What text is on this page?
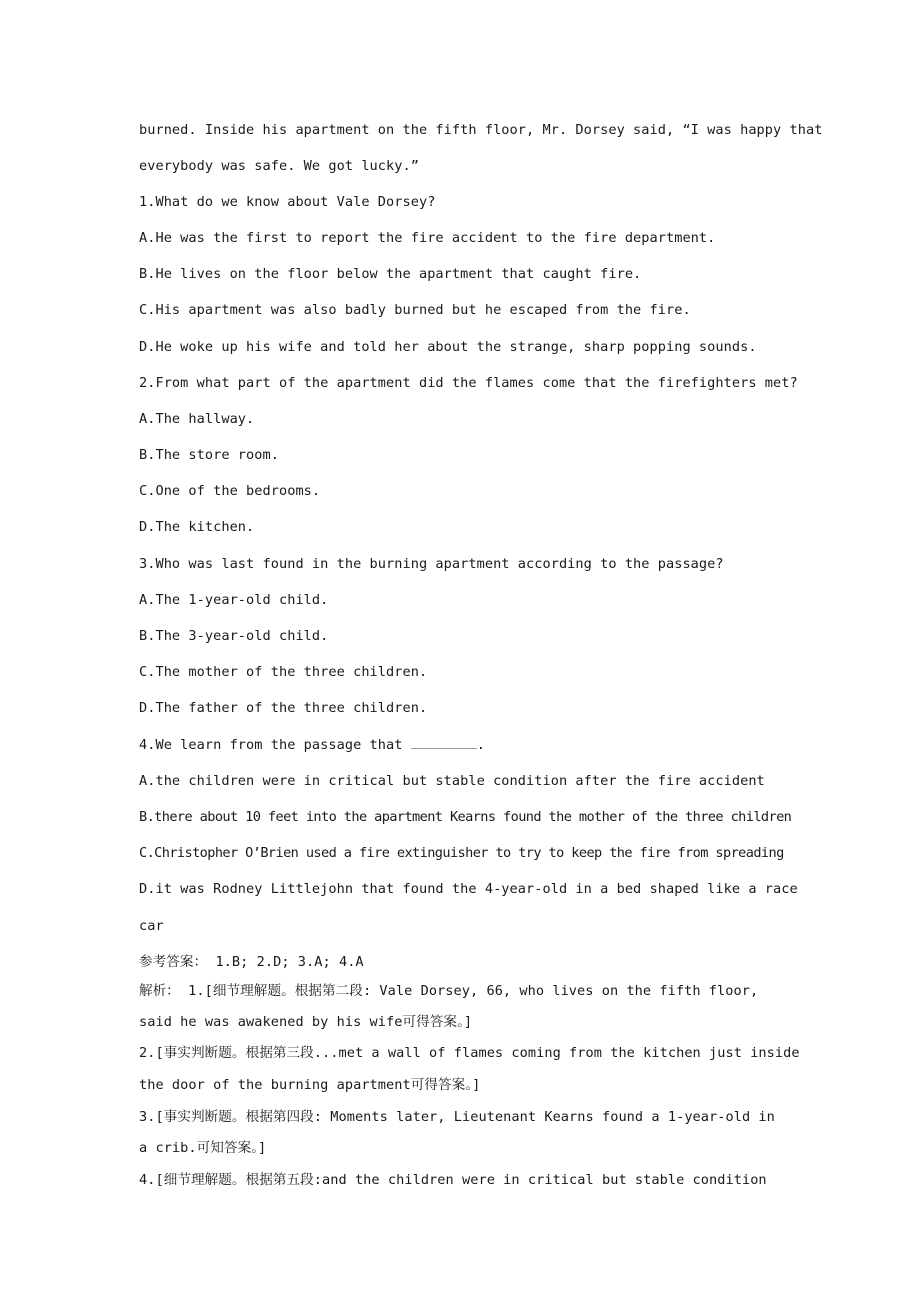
burned. Inside his apartment on the fifth floor, Mr. Dorsey said, “I was happy that
everybody was safe. We got lucky.”
1.What do we know about Vale Dorsey?
A.He was the first to report the fire accident to the fire department.
B.He lives on the floor below the apartment that caught fire.
C.His apartment was also badly burned but he escaped from the fire.
D.He woke up his wife and told her about the strange, sharp popping sounds.
2.From what part of the apartment did the flames come that the firefighters met?
A.The hallway.
B.The store room.
C.One of the bedrooms.
D.The kitchen.
3.Who was last found in the burning apartment according to the passage?
A.The 1-year-old child.
B.The 3-year-old child.
C.The mother of the three children.
D.The father of the three children.
4.We learn from the passage that	.
A.the children were in critical but stable condition after the fire accident
B.there about 10 feet into the apartment Kearns found the mother of the three children
C.Christopher O’Brien used a fire extinguisher to try to keep the fire from spreading
D.it was Rodney Littlejohn that found the 4-year-old in a bed shaped like a race
car
参考答案： 1.B; 2.D; 3.A; 4.A
解析： 1.[细节理解题。根据第二段: Vale Dorsey, 66, who lives on the fifth floor,
said he was awakened by his wife可得答案。]
2.[事实判断题。根据第三段...met a wall of flames coming from the kitchen just inside
the door of the burning apartment可得答案。]
3.[事实判断题。根据第四段: Moments later, Lieutenant Kearns found a 1-year-old in
a crib.可知答案。]
4.[细节理解题。根据第五段:and the children were in critical but stable condition
